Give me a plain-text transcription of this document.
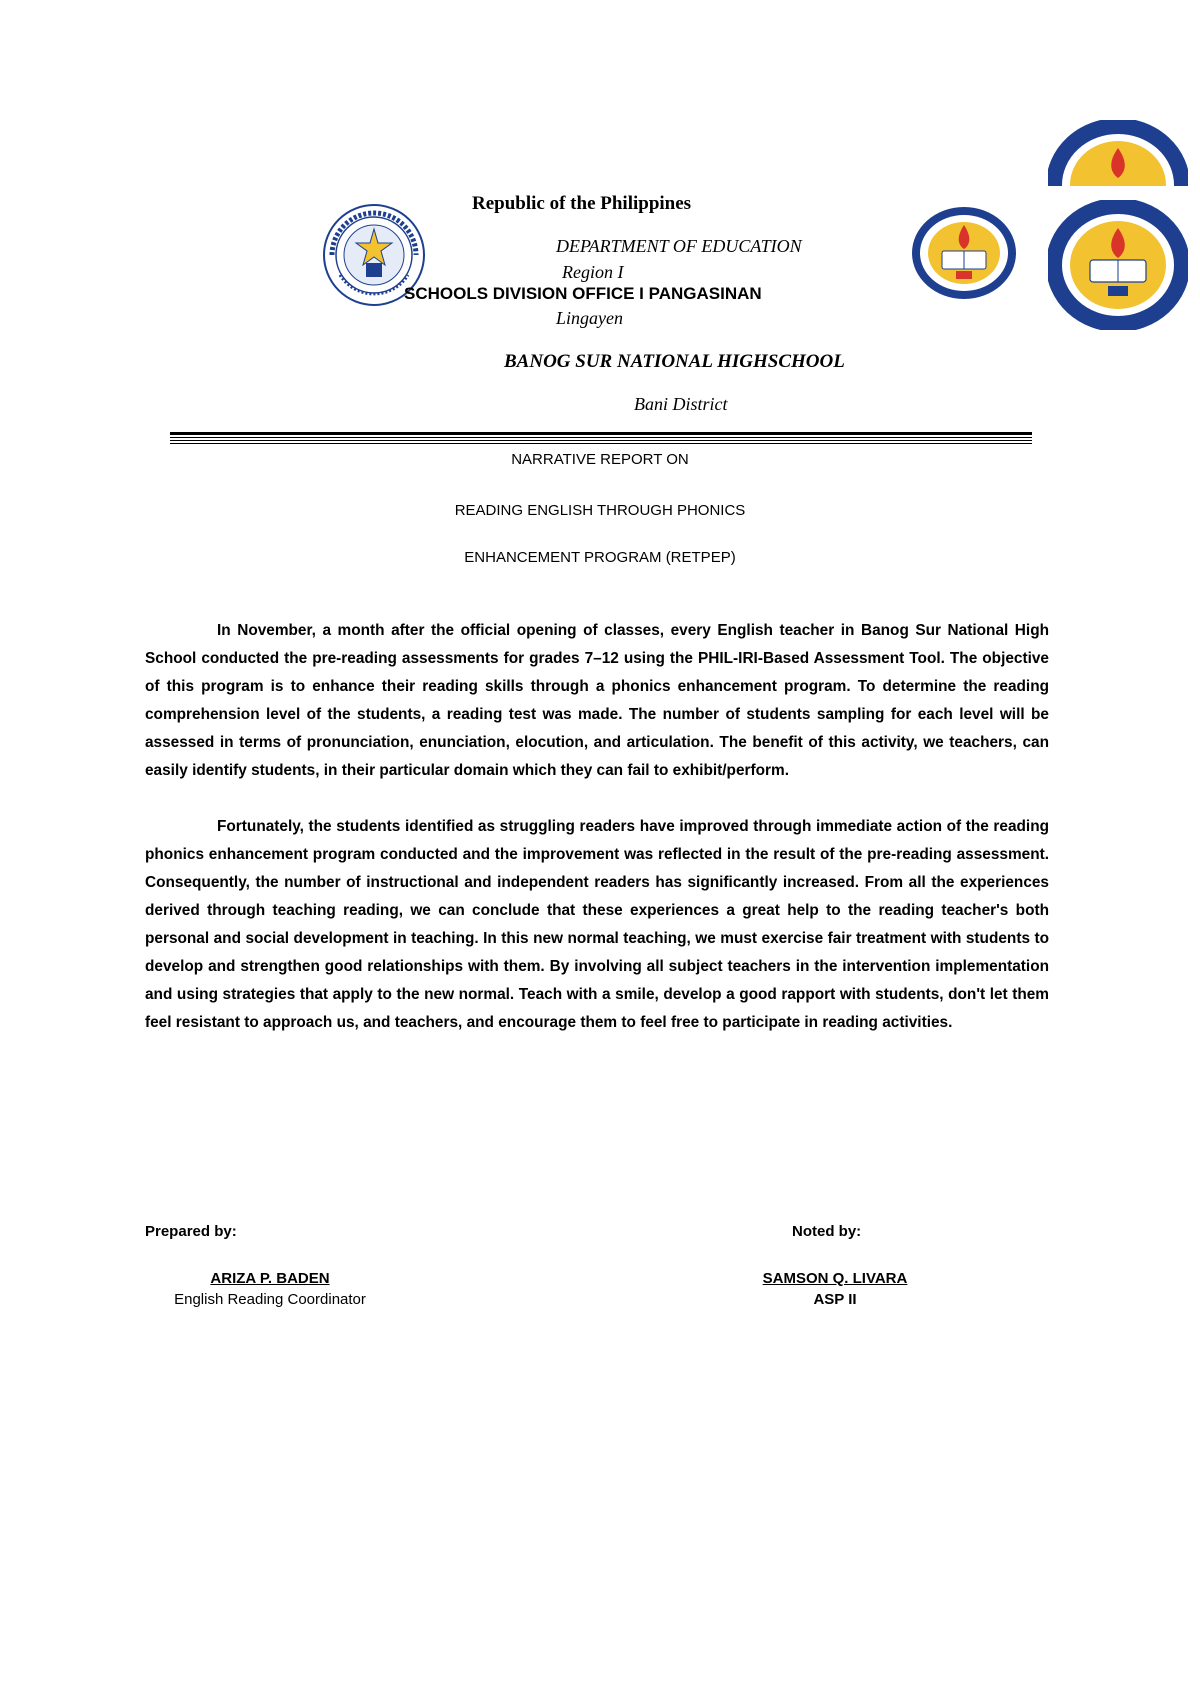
Republic of the Philippines
DEPARTMENT OF EDUCATION
Region I
SCHOOLS DIVISION OFFICE I PANGASINAN
Lingayen
BANOG SUR NATIONAL HIGHSCHOOL
Bani District
NARRATIVE REPORT ON
READING ENGLISH THROUGH PHONICS
ENHANCEMENT PROGRAM (RETPEP)

In November, a month after the official opening of classes, every English teacher in Banog Sur National High School conducted the pre-reading assessments for grades 7–12 using the PHIL-IRI-Based Assessment Tool. The objective of this program is to enhance their reading skills through a phonics enhancement program. To determine the reading comprehension level of the students, a reading test was made. The number of students sampling for each level will be assessed in terms of pronunciation, enunciation, elocution, and articulation. The benefit of this activity, we teachers, can easily identify students, in their particular domain which they can fail to exhibit/perform.

Fortunately, the students identified as struggling readers have improved through immediate action of the reading phonics enhancement program conducted and the improvement was reflected in the result of the pre-reading assessment. Consequently, the number of instructional and independent readers has significantly increased. From all the experiences derived through teaching reading, we can conclude that these experiences a great help to the reading teacher's both personal and social development in teaching. In this new normal teaching, we must exercise fair treatment with students to develop and strengthen good relationships with them. By involving all subject teachers in the intervention implementation and using strategies that apply to the new normal. Teach with a smile, develop a good rapport with students, don't let them feel resistant to approach us, and teachers, and encourage them to feel free to participate in reading activities.

Prepared by:	Noted by:
ARIZA P. BADEN
English Reading Coordinator
SAMSON Q. LIVARA
ASP II
